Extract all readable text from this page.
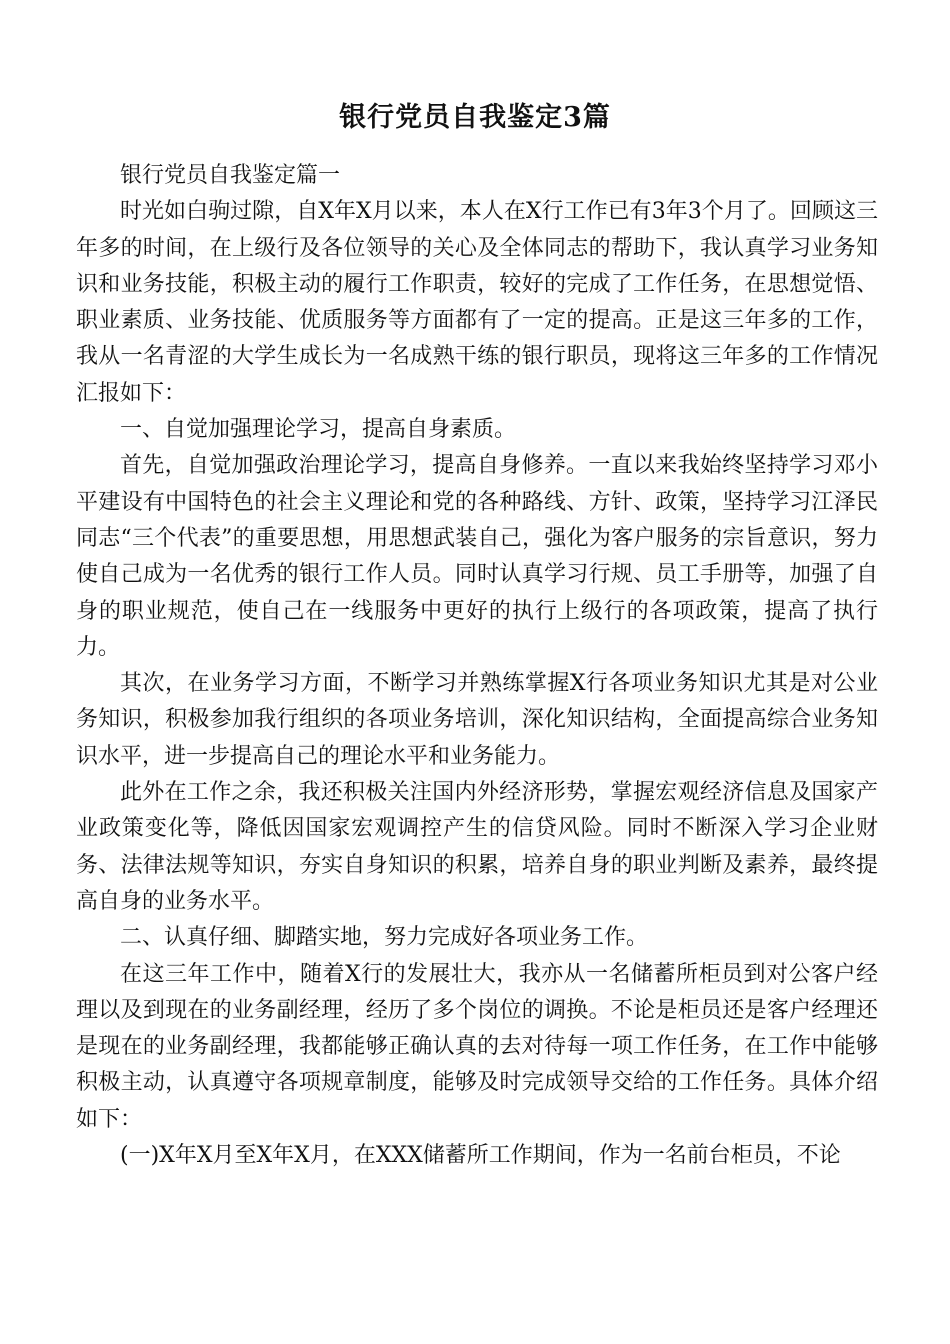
银行党员自我鉴定3篇

银行党员自我鉴定篇一

时光如白驹过隙，自X年X月以来，本人在X行工作已有3年3个月了。回顾这三年多的时间，在上级行及各位领导的关心及全体同志的帮助下，我认真学习业务知识和业务技能，积极主动的履行工作职责，较好的完成了工作任务，在思想觉悟、职业素质、业务技能、优质服务等方面都有了一定的提高。正是这三年多的工作，我从一名青涩的大学生成长为一名成熟干练的银行职员，现将这三年多的工作情况汇报如下：

一、自觉加强理论学习，提高自身素质。

首先，自觉加强政治理论学习，提高自身修养。一直以来我始终坚持学习邓小平建设有中国特色的社会主义理论和党的各种路线、方针、政策，坚持学习江泽民同志“三个代表”的重要思想，用思想武装自己，强化为客户服务的宗旨意识，努力使自己成为一名优秀的银行工作人员。同时认真学习行规、员工手册等，加强了自身的职业规范，使自己在一线服务中更好的执行上级行的各项政策，提高了执行力。

其次，在业务学习方面，不断学习并熟练掌握X行各项业务知识尤其是对公业务知识，积极参加我行组织的各项业务培训，深化知识结构，全面提高综合业务知识水平，进一步提高自己的理论水平和业务能力。

此外在工作之余，我还积极关注国内外经济形势，掌握宏观经济信息及国家产业政策变化等，降低因国家宏观调控产生的信贷风险。同时不断深入学习企业财务、法律法规等知识，夯实自身知识的积累，培养自身的职业判断及素养，最终提高自身的业务水平。

二、认真仔细、脚踏实地，努力完成好各项业务工作。

在这三年工作中，随着X行的发展壮大，我亦从一名储蓄所柜员到对公客户经理以及到现在的业务副经理，经历了多个岗位的调换。不论是柜员还是客户经理还是现在的业务副经理，我都能够正确认真的去对待每一项工作任务，在工作中能够积极主动，认真遵守各项规章制度，能够及时完成领导交给的工作任务。具体介绍如下：

(一)X年X月至X年X月，在XXX储蓄所工作期间，作为一名前台柜员，不论
